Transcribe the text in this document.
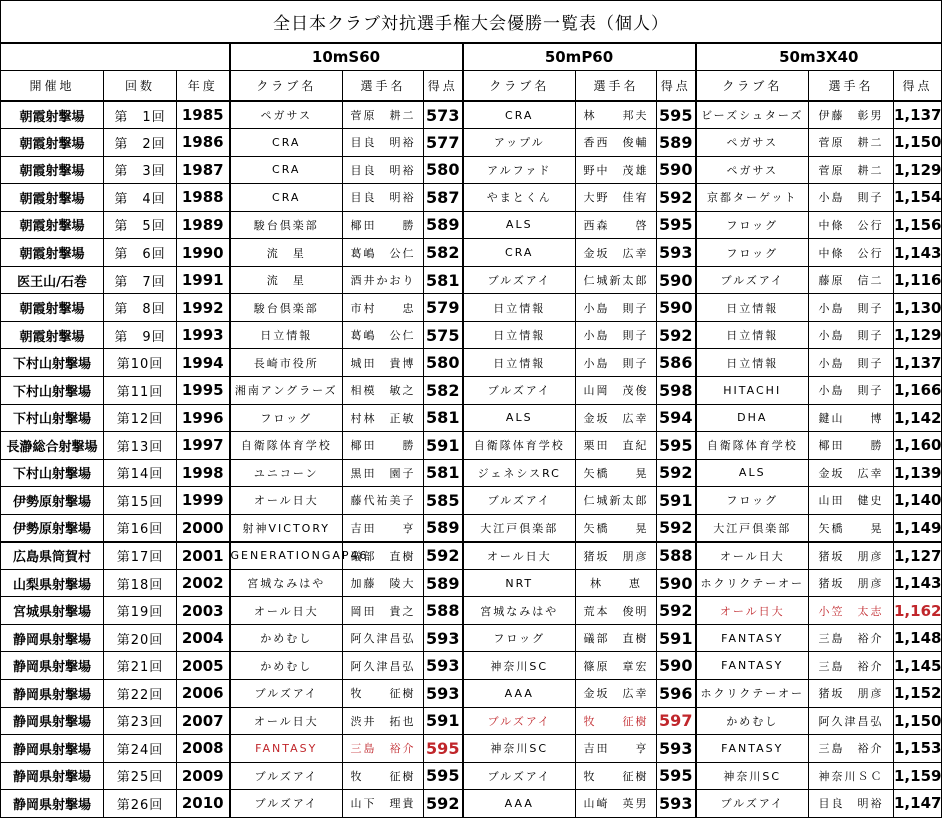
全日本クラブ対抗選手権大会優勝一覧表（個人）											
			10mS60			50mP60			50m3X40		
開催地	回数	年度	クラブ名	選手名	得点	クラブ名	選手名	得点	クラブ名	選手名	得点
朝霞射撃場	第　1回	1985	ペガサス	菅原　耕二	573	CRA	林　　邦夫	595	ビーズシュターズ	伊藤　彰男	1,137
朝霞射撃場	第　2回	1986	CRA	目良　明裕	577	アップル	香西　俊輔	589	ペガサス	菅原　耕二	1,150
朝霞射撃場	第　3回	1987	CRA	目良　明裕	580	アルファド	野中　茂雄	590	ペガサス	菅原　耕二	1,129
朝霞射撃場	第　4回	1988	CRA	目良　明裕	587	やまとくん	大野　佳宥	592	京都ターゲット	小島　則子	1,154
朝霞射撃場	第　5回	1989	駿台倶楽部	椰田　　勝	589	ALS	西森　　啓	595	フロッグ	中條　公行	1,156
朝霞射撃場	第　6回	1990	流　星	葛嶋　公仁	582	CRA	金坂　広幸	593	フロッグ	中條　公行	1,143
医王山/石巻	第　7回	1991	流　星	酒井かおり	581	ブルズアイ	仁城新太郎	590	ブルズアイ	藤原　信二	1,116
朝霞射撃場	第　8回	1992	駿台倶楽部	市村　　忠	579	日立情報	小島　則子	590	日立情報	小島　則子	1,130
朝霞射撃場	第　9回	1993	日立情報	葛嶋　公仁	575	日立情報	小島　則子	592	日立情報	小島　則子	1,129
下村山射撃場	第10回	1994	長崎市役所	城田　貴博	580	日立情報	小島　則子	586	日立情報	小島　則子	1,137
下村山射撃場	第11回	1995	湘南アングラーズ	相模　敏之	582	ブルズアイ	山岡　茂俊	598	HITACHI	小島　則子	1,166
下村山射撃場	第12回	1996	フロッグ	村林　正敏	581	ALS	金坂　広幸	594	DHA	鍵山　　博	1,142
長瀞総合射撃場	第13回	1997	自衛隊体育学校	椰田　　勝	591	自衛隊体育学校	栗田　直紀	595	自衛隊体育学校	椰田　　勝	1,160
下村山射撃場	第14回	1998	ユニコーン	黒田　園子	581	ジェネシスRC	矢橋　　晃	592	ALS	金坂　広幸	1,139
伊勢原射撃場	第15回	1999	オール日大	藤代祐美子	585	ブルズアイ	仁城新太郎	591	フロッグ	山田　健史	1,140
伊勢原射撃場	第16回	2000	射神VICTORY	吉田　　亨	589	大江戸倶楽部	矢橋　　晃	592	大江戸倶楽部	矢橋　　晃	1,149
広島県筒賀村	第17回	2001	GENERATIONGAP46	礒部　直樹	592	オール日大	猪坂　朋彦	588	オール日大	猪坂　朋彦	1,127
山梨県射撃場	第18回	2002	宮城なみはや	加藤　陵大	589	NRT	林　　恵	590	ホクリクテーオー	猪坂　朋彦	1,143
宮城県射撃場	第19回	2003	オール日大	岡田　貴之	588	宮城なみはや	荒本　俊明	592	オール日大	小笠　太志	1,162
静岡県射撃場	第20回	2004	かめむし	阿久津昌弘	593	フロッグ	礒部　直樹	591	FANTASY	三島　裕介	1,148
静岡県射撃場	第21回	2005	かめむし	阿久津昌弘	593	神奈川SC	篠原　章宏	590	FANTASY	三島　裕介	1,145
静岡県射撃場	第22回	2006	ブルズアイ	牧　　征樹	593	AAA	金坂　広幸	596	ホクリクテーオー	猪坂　朋彦	1,152
静岡県射撃場	第23回	2007	オール日大	渋井　拓也	591	ブルズアイ	牧　　征樹	597	かめむし	阿久津昌弘	1,150
静岡県射撃場	第24回	2008	FANTASY	三島　裕介	595	神奈川SC	吉田　　亨	593	FANTASY	三島　裕介	1,153
静岡県射撃場	第25回	2009	ブルズアイ	牧　　征樹	595	ブルズアイ	牧　　征樹	595	神奈川SC	神奈川ＳＣ	1,159
静岡県射撃場	第26回	2010	ブルズアイ	山下　理貴	592	AAA	山崎　英男	593	ブルズアイ	目良　明裕	1,147
